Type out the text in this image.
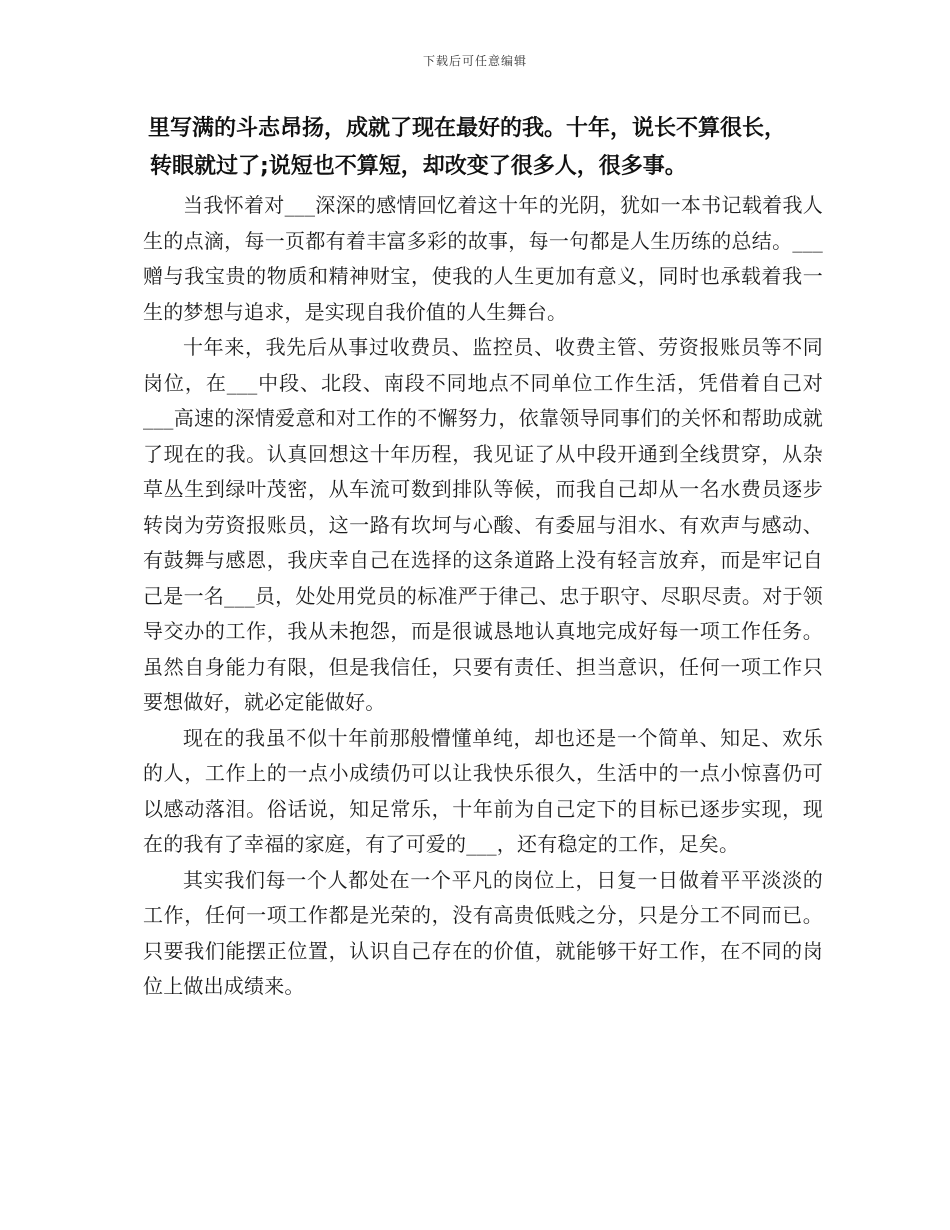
下载后可任意编辑
里写满的斗志昂扬，成就了现在最好的我。十年，说长不算很长，

转眼就过了;说短也不算短，却改变了很多人，很多事。

当我怀着对___深深的感情回忆着这十年的光阴，犹如一本书记载着我人生的点滴，每一页都有着丰富多彩的故事，每一句都是人生历练的总结。___赠与我宝贵的物质和精神财宝，使我的人生更加有意义，同时也承载着我一生的梦想与追求，是实现自我价值的人生舞台。

十年来，我先后从事过收费员、监控员、收费主管、劳资报账员等不同岗位，在___中段、北段、南段不同地点不同单位工作生活，凭借着自己对___高速的深情爱意和对工作的不懈努力，依靠领导同事们的关怀和帮助成就了现在的我。认真回想这十年历程，我见证了从中段开通到全线贯穿，从杂草丛生到绿叶茂密，从车流可数到排队等候，而我自己却从一名水费员逐步转岗为劳资报账员，这一路有坎坷与心酸、有委屈与泪水、有欢声与感动、有鼓舞与感恩，我庆幸自己在选择的这条道路上没有轻言放弃，而是牢记自己是一名___员，处处用党员的标准严于律己、忠于职守、尽职尽责。对于领导交办的工作，我从未抱怨，而是很诚恳地认真地完成好每一项工作任务。虽然自身能力有限，但是我信任，只要有责任、担当意识，任何一项工作只要想做好，就必定能做好。

现在的我虽不似十年前那般懵懂单纯，却也还是一个简单、知足、欢乐的人，工作上的一点小成绩仍可以让我快乐很久，生活中的一点小惊喜仍可以感动落泪。俗话说，知足常乐，十年前为自己定下的目标已逐步实现，现在的我有了幸福的家庭，有了可爱的___，还有稳定的工作，足矣。

其实我们每一个人都处在一个平凡的岗位上，日复一日做着平平淡淡的工作，任何一项工作都是光荣的，没有高贵低贱之分，只是分工不同而已。只要我们能摆正位置，认识自己存在的价值，就能够干好工作，在不同的岗位上做出成绩来。
